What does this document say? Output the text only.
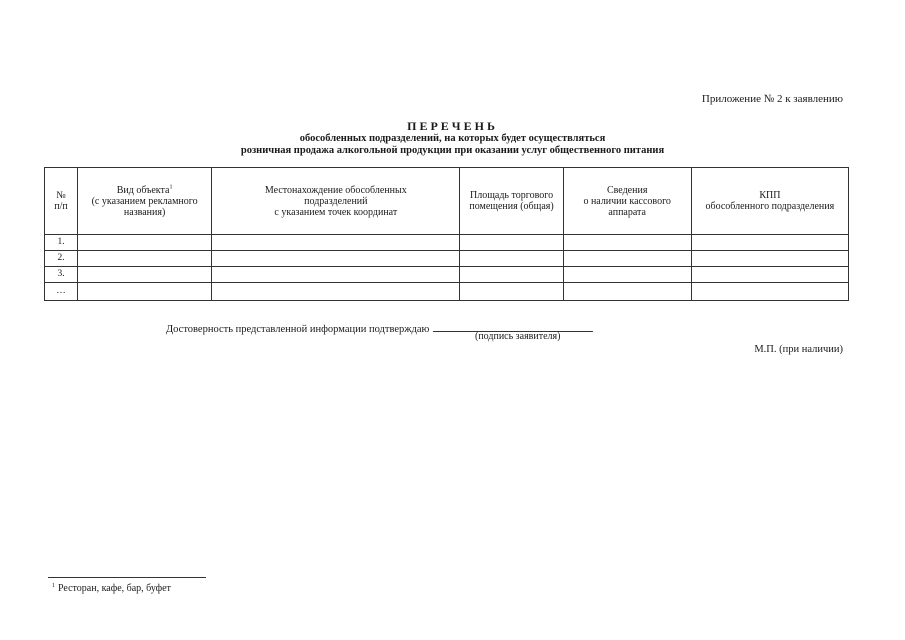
Приложение № 2 к заявлению
ПЕРЕЧЕНЬ
обособленных подразделений, на которых будет осуществляться
розничная продажа алкогольной продукции при оказании услуг общественного питания
№
п/п	Вид объекта$^1$
(с указанием рекламного
названия)	Местонахождение обособленных
подразделений
с указанием точек координат	Площадь торгового
помещения (общая)	Сведения
о наличии кассового
аппарата	КПП
обособленного подразделения
1.					
2.					
3.					
…					
Достоверность представленной информации подтверждаю
(подпись заявителя)
М.П. (при наличии)
$^1$ Ресторан, кафе, бар, буфет
